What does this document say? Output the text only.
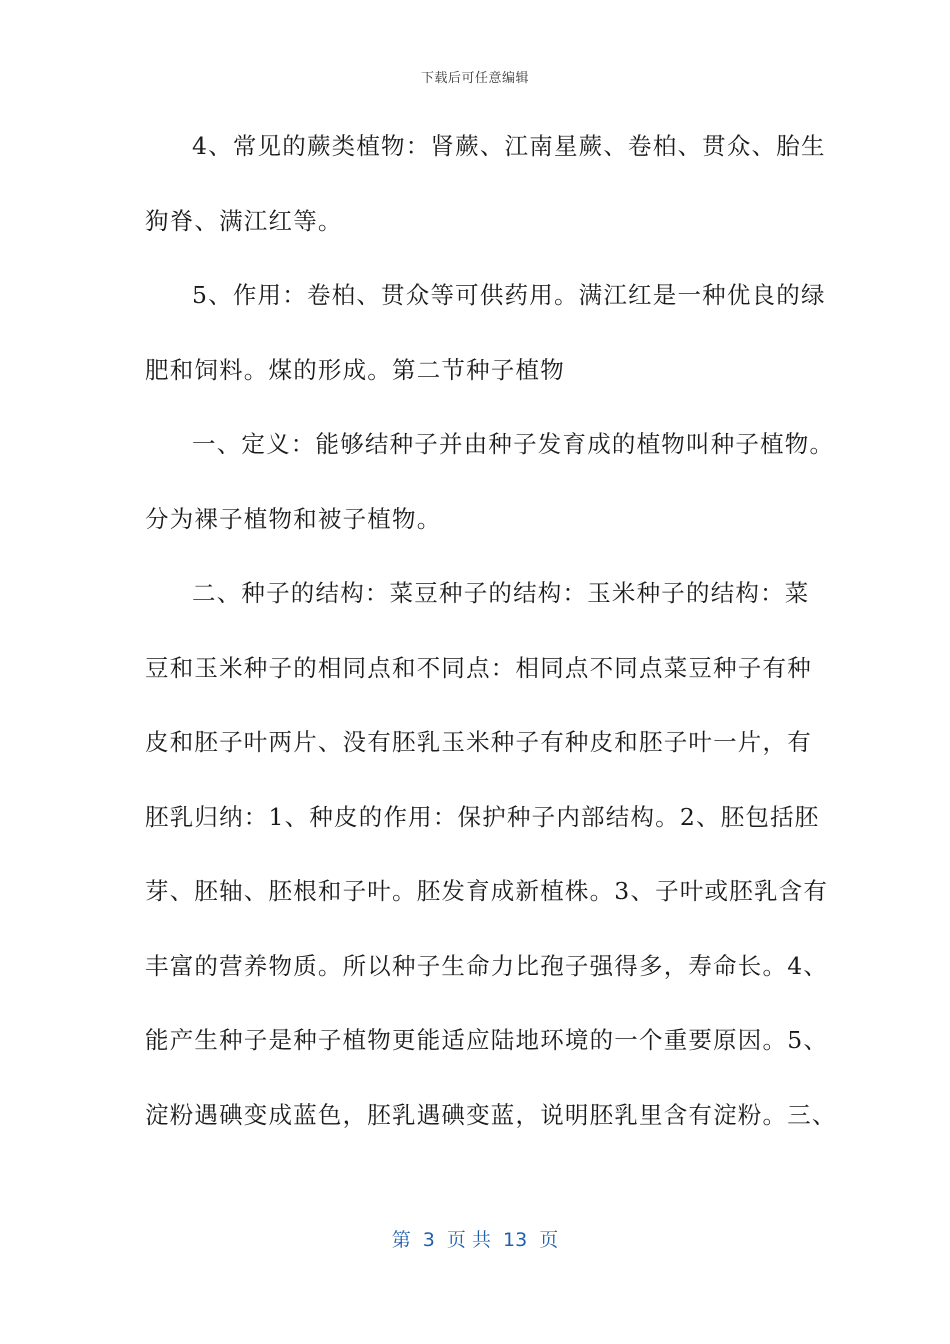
下载后可任意编辑
4、常见的蕨类植物：肾蕨、江南星蕨、卷柏、贯众、胎生
狗脊、满江红等。
5、作用：卷柏、贯众等可供药用。满江红是一种优良的绿
肥和饲料。煤的形成。第二节种子植物
一、定义：能够结种子并由种子发育成的植物叫种子植物。
分为裸子植物和被子植物。
二、种子的结构：菜豆种子的结构：玉米种子的结构：菜
豆和玉米种子的相同点和不同点：相同点不同点菜豆种子有种
皮和胚子叶两片、没有胚乳玉米种子有种皮和胚子叶一片，有
胚乳归纳：1、种皮的作用：保护种子内部结构。2、胚包括胚
芽、胚轴、胚根和子叶。胚发育成新植株。3、子叶或胚乳含有
丰富的营养物质。所以种子生命力比孢子强得多，寿命长。4、
能产生种子是种子植物更能适应陆地环境的一个重要原因。5、
淀粉遇碘变成蓝色，胚乳遇碘变蓝，说明胚乳里含有淀粉。三、
第  3  页 共  13  页
